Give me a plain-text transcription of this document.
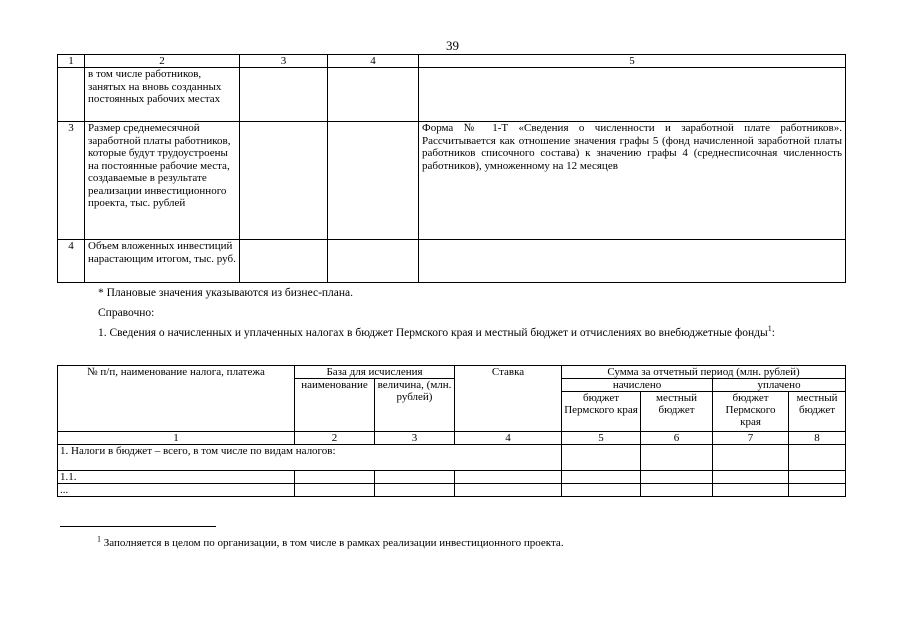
39
1	2	3	4	5
	в том числе работников, занятых на вновь созданных постоянных рабочих местах			
3	Размер среднемесячной заработной платы работников, которые будут трудоустроены на постоянные рабочие места, создаваемые в результате реализации инвестиционного проекта, тыс. рублей			Форма № 1-Т «Сведения о численности и заработной плате работников». Рассчитывается как отношение значения графы 5 (фонд начисленной заработной платы работников списочного состава) к значению графы 4 (среднесписочная численность работников), умноженному на 12 месяцев
4	Объем вложенных инвестиций нарастающим итогом, тыс. руб.			
* Плановые значения указываются из бизнес-плана.
Справочно:
1. Сведения о начисленных и уплаченных налогах в бюджет Пермского края и местный бюджет и отчислениях во внебюджетные фонды$^1$:
№ п/п, наименование налога, платежа	База для исчисления		Ставка	Сумма за отчетный период (млн. рублей)			
	наименование	величина, (млн. рублей)		начислено		уплачено	
				бюджет Пермского края	местный бюджет	бюджет Пермского края	местный бюджет
1	2	3	4	5	6	7	8
1. Налоги в бюджет – всего, в том числе по видам налогов:							
1.1.							
...							
$^1$ Заполняется в целом по организации, в том числе в рамках реализации инвестиционного проекта.
